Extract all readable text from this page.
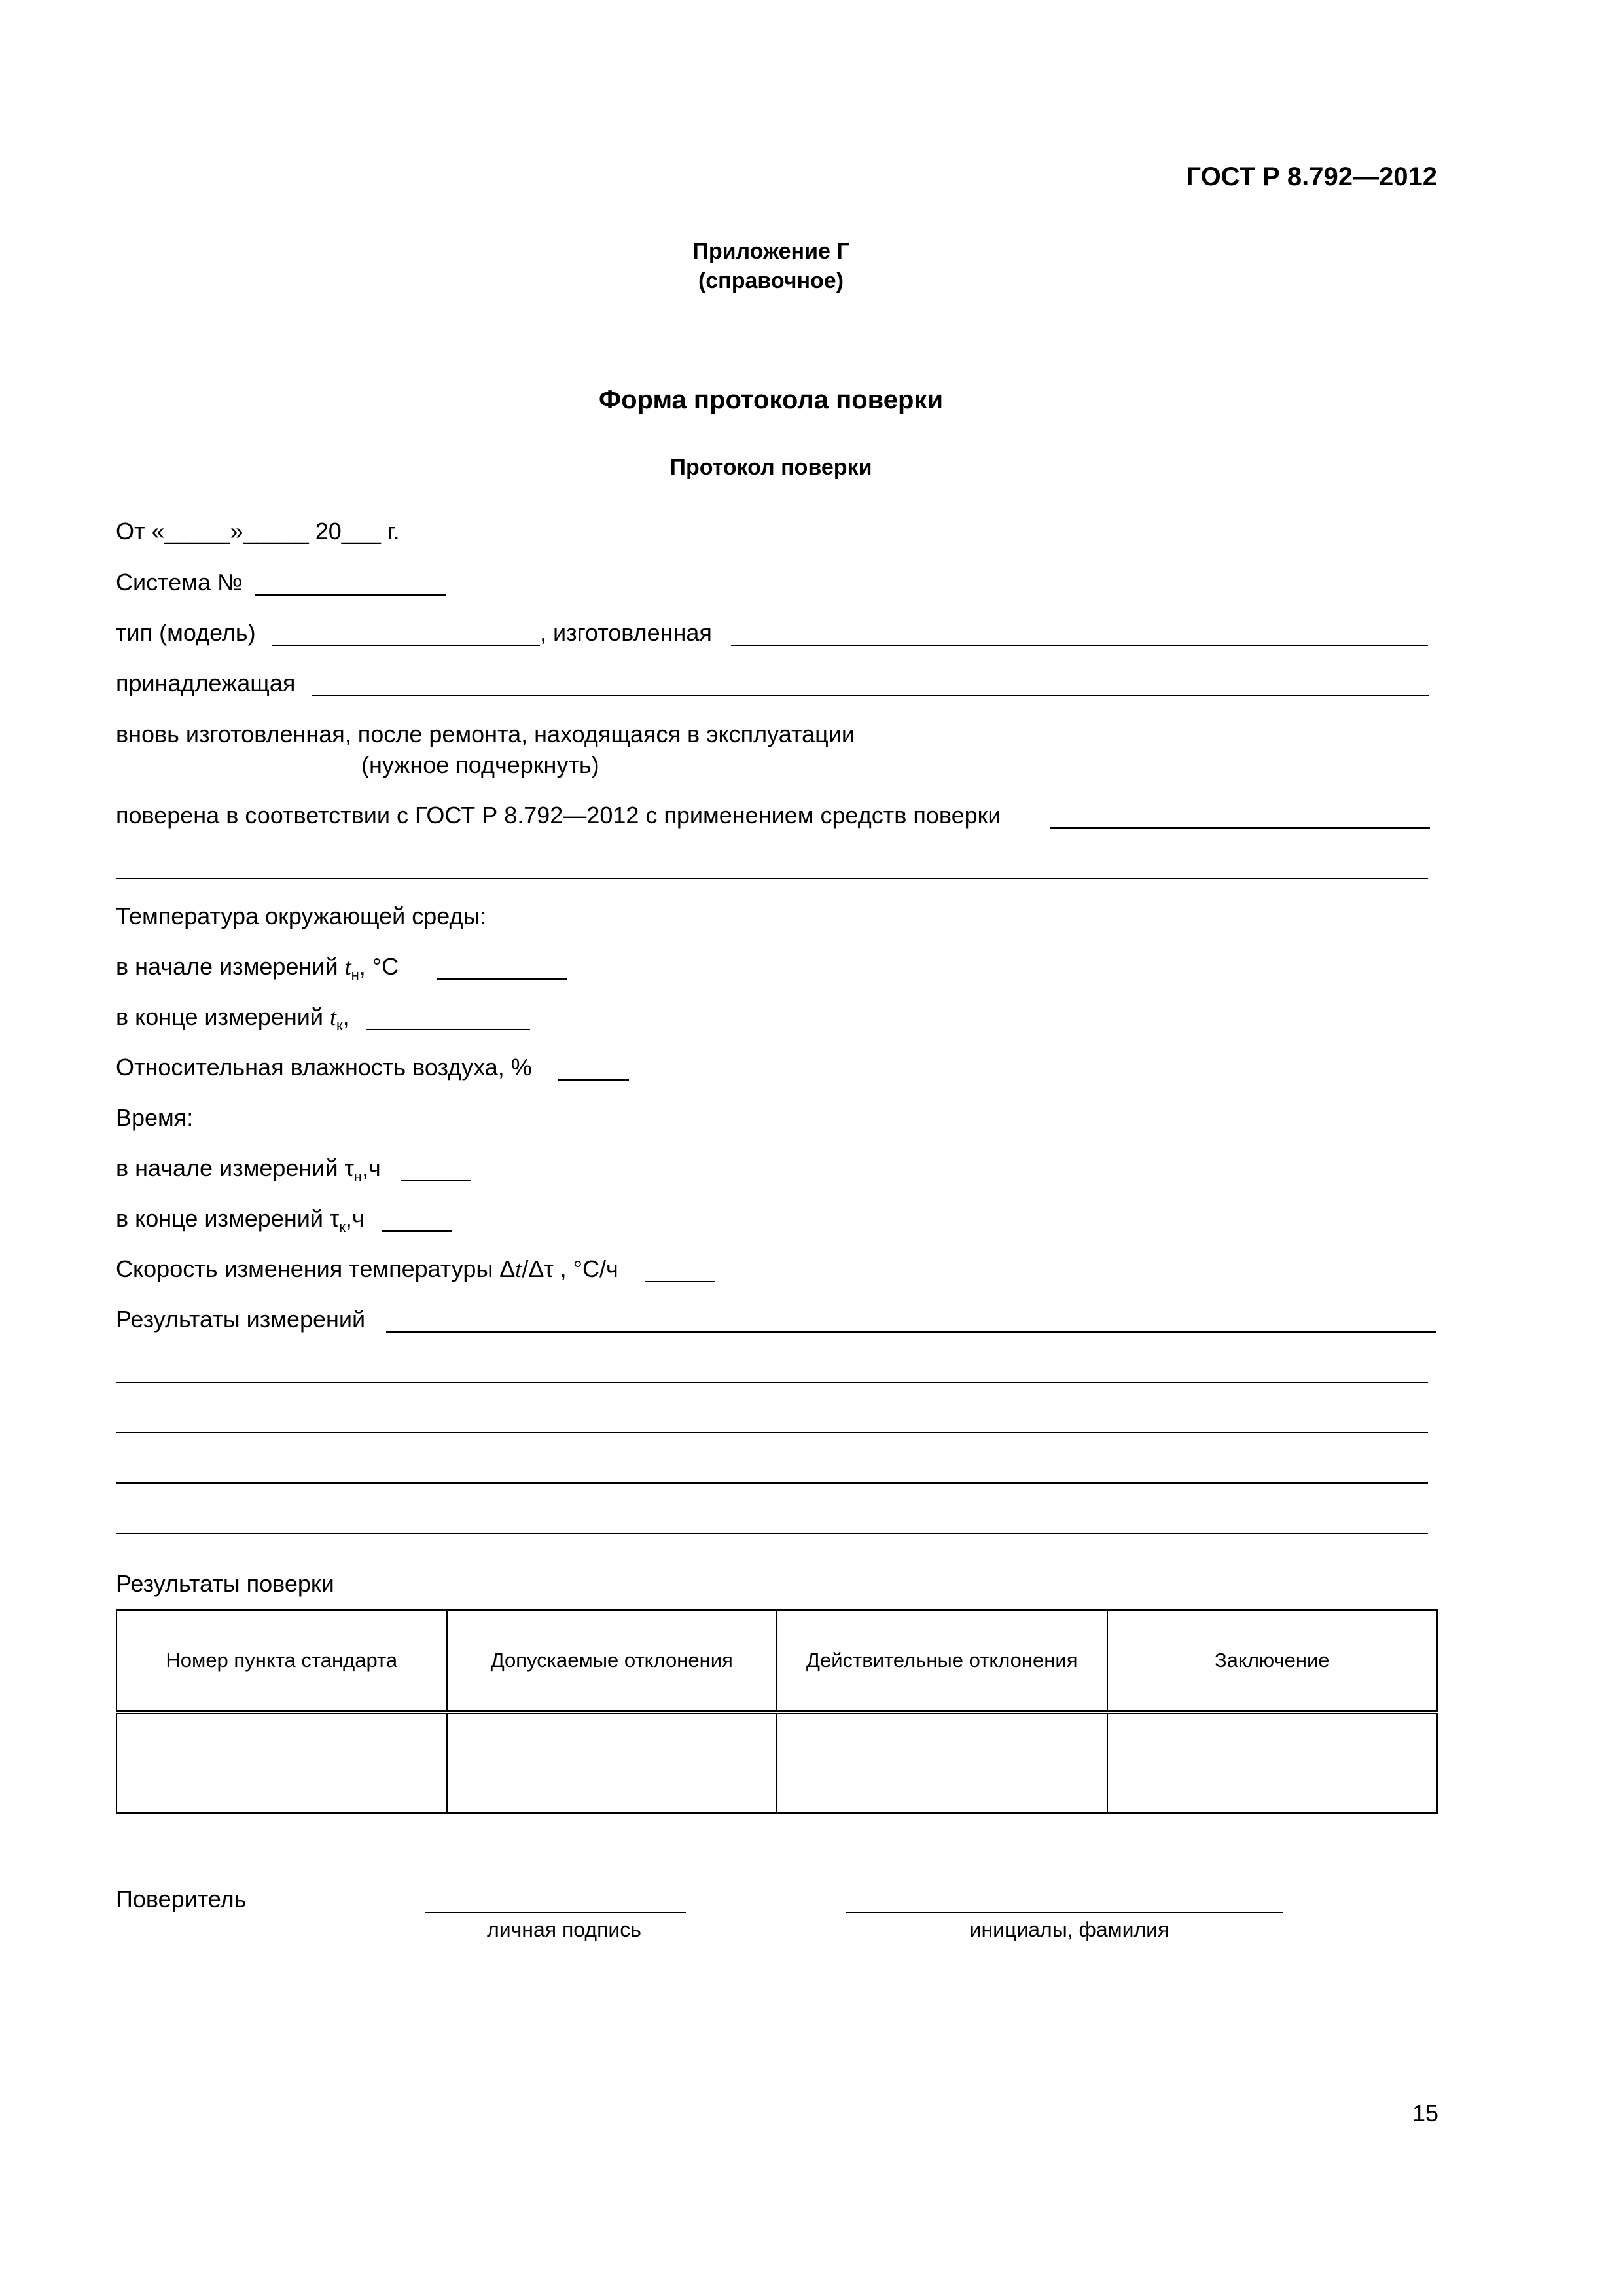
ГОСТ Р 8.792—2012
Приложение Г
(справочное)
Форма протокола поверки
Протокол поверки
От «_____»_____ 20___ г.
Система №
тип (модель)	, изготовленная
принадлежащая
вновь изготовленная, после ремонта, находящаяся в эксплуатации
(нужное подчеркнуть)
поверена в соответствии с ГОСТ Р 8.792—2012 с применением средств поверки
Температура окружающей среды:
в начале измерений $t_н$, °C
в конце измерений $t_к$,
Относительная влажность воздуха, %
Время:
в начале измерений $\tau_н,ч$
в конце измерений $\tau_к,ч$
Скорость изменения температуры Δt/Δτ , °С/ч
Результаты измерений
Результаты поверки
Номер пункта стандарта	Допускаемые отклонения	Действительные отклонения	Заключение

Поверитель
личная подпись	инициалы, фамилия
15
